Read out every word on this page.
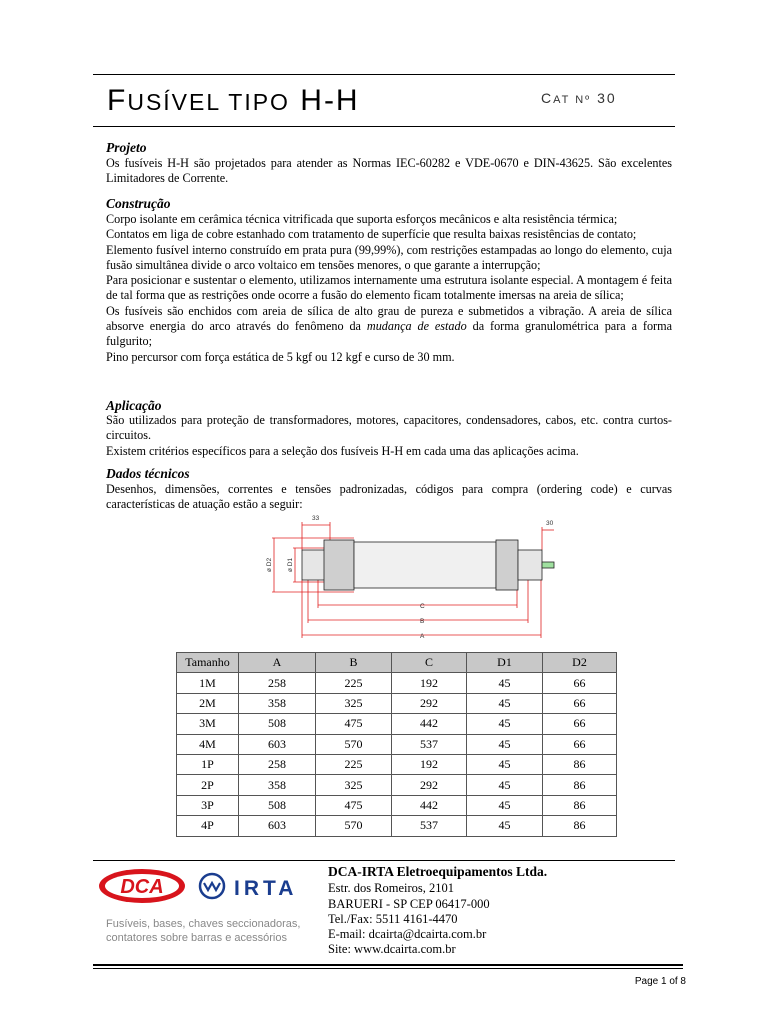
FUSÍVEL TIPO H-H	CAT Nº 30
Projeto

Os fusíveis H-H são projetados para atender as Normas IEC-60282 e VDE-0670 e DIN-43625. São excelentes Limitadores de Corrente.

Construção

Corpo isolante em cerâmica técnica vitrificada que suporta esforços mecânicos e alta resistência térmica;

Contatos em liga de cobre estanhado com tratamento de superfície que resulta baixas resistências de contato;

Elemento fusível interno construído em prata pura (99,99%), com restrições estampadas ao longo do elemento, cuja fusão simultânea divide o arco voltaico em tensões menores, o que garante a interrupção;

Para posicionar e sustentar o elemento, utilizamos internamente uma estrutura isolante especial. A montagem é feita de tal forma que as restrições onde ocorre a fusão do elemento ficam totalmente imersas na areia de sílica;

Os fusíveis são enchidos com areia de sílica de alto grau de pureza e submetidos a vibração. A areia de sílica absorve energia do arco através do fenômeno da mudança de estado da forma granulométrica para a forma fulgurito;

Pino percursor com força estática de 5 kgf ou 12 kgf e curso de 30 mm.

Aplicação

São utilizados para proteção de transformadores, motores, capacitores, condensadores, cabos, etc. contra curtos-circuitos.

Existem critérios específicos para a seleção dos fusíveis H-H em cada uma das aplicações acima.

Dados técnicos

Desenhos, dimensões, correntes e tensões padronizadas, códigos para compra (ordering code) e curvas características de atuação estão a seguir:

33
30
ø D2 ø D1
C
B
A
Tamanho	A	B	C	D1	D2
1M	258	225	192	45	66
2M	358	325	292	45	66
3M	508	475	442	45	66
4M	603	570	537	45	66
1P	258	225	192	45	86
2P	358	325	292	45	86
3P	508	475	442	45	86
4P	603	570	537	45	86
DCA	IRTA
Fusíveis, bases, chaves seccionadoras,
contatores sobre barras e acessórios
DCA-IRTA Eletroequipamentos Ltda.
Estr. dos Romeiros, 2101
BARUERI - SP CEP 06417-000
Tel./Fax: 5511 4161-4470
E-mail: dcairta@dcairta.com.br
Site: www.dcairta.com.br
Page 1 of 8
